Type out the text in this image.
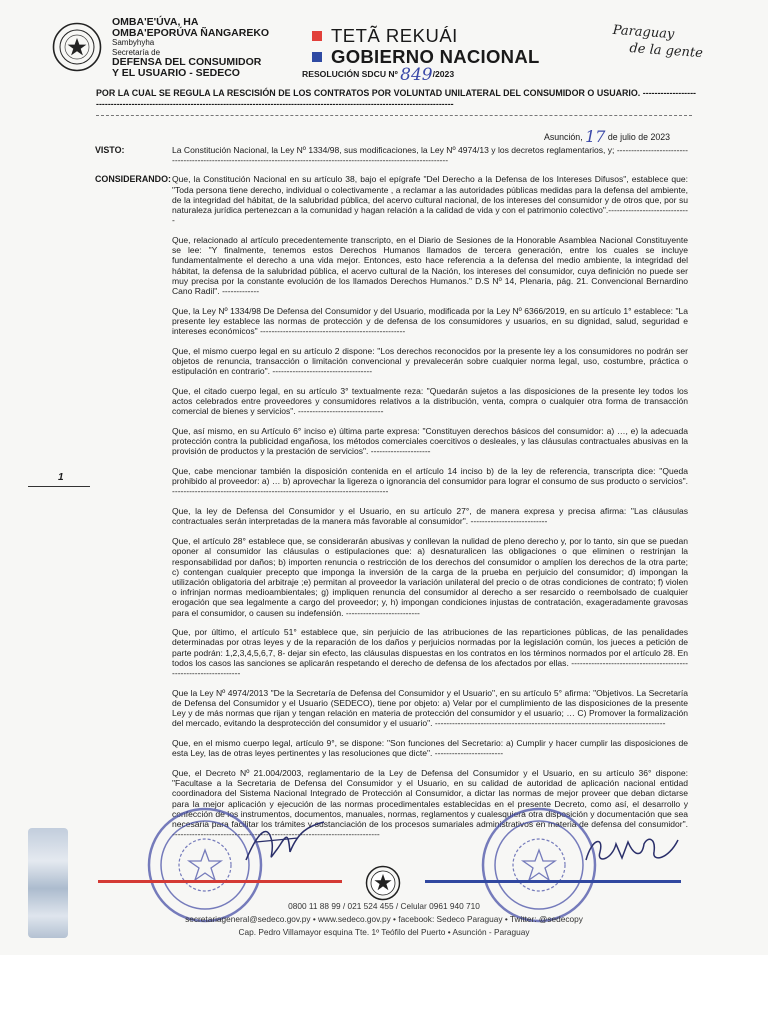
OMBA'E'ÚVA, HA
OMBA'EPORÚVA ÑANGAREKO
Sambyhyha
Secretaría de
DEFENSA DEL CONSUMIDOR
Y EL USUARIO - SEDECO
TETÃ REKUÁI
GOBIERNO NACIONAL
RESOLUCIÓN SDCU Nº 849/2023
Paraguay
de la gente
POR LA CUAL SE REGULA LA RESCISIÓN DE LOS CONTRATOS POR VOLUNTAD UNILATERAL DEL CONSUMIDOR O USUARIO. -------------------------------------------------------------------------------------------------------------------------------------------
Asunción, 17 de julio de 2023
VISTO:
CONSIDERANDO:

La Constitución Nacional, la Ley Nº 1334/98, sus modificaciones, la Ley Nº 4974/13 y los decretos reglamentarios, y; --------------------------------------------------------------------------------------------------------------------------

Que, la Constitución Nacional en su artículo 38, bajo el epígrafe "Del Derecho a la Defensa de los Intereses Difusos", establece que: "Toda persona tiene derecho, individual o colectivamente , a reclamar a las autoridades públicas medidas para la defensa del ambiente, de la integridad del hábitat, de la salubridad pública, del acervo cultural nacional, de los intereses del consumidor y de otros que, por su naturaleza jurídica pertenezcan a la comunidad y hagan relación a la calidad de vida y con el patrimonio colectivo".-----------------------------

Que, relacionado al artículo precedentemente transcripto, en el Diario de Sesiones de la Honorable Asamblea Nacional Constituyente se lee: "Y finalmente, tenemos estos Derechos Humanos llamados de tercera generación, entre los cuales se incluye fundamentalmente el derecho a una vida mejor. Entonces, esto hace referencia a la defensa del medio ambiente, la integridad del hábitat, la defensa de la salubridad pública, el acervo cultural de la Nación, los intereses del consumidor, cuya definición no puede ser muy precisa por la constante evolución de los llamados Derechos Humanos." D.S Nº 14, Plenaria, pág. 21. Convencional Bernardino Cano Radil". -------------

Que, la Ley Nº 1334/98 De Defensa del Consumidor y del Usuario, modificada por la Ley Nº 6366/2019, en su artículo 1° establece: "La presente ley establece las normas de protección y de defensa de los consumidores y usuarios, en su dignidad, salud, seguridad e intereses económicos" ---------------------------------------------------

Que, el mismo cuerpo legal en su artículo 2 dispone: "Los derechos reconocidos por la presente ley a los consumidores no podrán ser objetos de renuncia, transacción o limitación convencional y prevalecerán sobre cualquier norma legal, uso, costumbre, práctica o estipulación en contrario". -----------------------------------

Que, el citado cuerpo legal, en su artículo 3° textualmente reza: "Quedarán sujetos a las disposiciones de la presente ley todos los actos celebrados entre proveedores y consumidores relativos a la distribución, venta, compra o cualquier otra forma de transacción comercial de bienes y servicios". ------------------------------

Que, así mismo, en su Artículo 6° inciso e) última parte expresa: "Constituyen derechos básicos del consumidor: a) …, e) la adecuada protección contra la publicidad engañosa, los métodos comerciales coercitivos o desleales, y las cláusulas contractuales abusivas en la provisión de productos y la prestación de servicios". ---------------------

Que, cabe mencionar también la disposición contenida en el artículo 14 inciso b) de la ley de referencia, transcripta dice: "Queda prohibido al proveedor: a) … b) aprovechar la ligereza o ignorancia del consumidor para lograr el consumo de sus producto o servicios". ----------------------------------------------------------------------------

Que, la ley de Defensa del Consumidor y el Usuario, en su artículo 27°, de manera expresa y precisa afirma: "Las cláusulas contractuales serán interpretadas de la manera más favorable al consumidor". ---------------------------

Que, el artículo 28° establece que, se considerarán abusivas y conllevan la nulidad de pleno derecho y, por lo tanto, sin que se puedan oponer al consumidor las cláusulas o estipulaciones que: a) desnaturalicen las obligaciones o que eliminen o restrinjan la responsabilidad por daños; b) importen renuncia o restricción de los derechos del consumidor o amplíen los derechos de la otra parte; c) contengan cualquier precepto que imponga la inversión de la carga de la prueba en perjuicio del consumidor; d) impongan la utilización obligatoria del arbitraje ;e) permitan al proveedor la variación unilateral del precio o de otras condiciones de contrato; f) violen o infrinjan normas medioambientales; g) impliquen renuncia del consumidor al derecho a ser resarcido o reembolsado de cualquier erogación que sea legalmente a cargo del proveedor; y, h) impongan condiciones injustas de contratación, exageradamente gravosas para el consumidor, o causen su indefensión. --------------------------

Que, por último, el artículo 51° establece que, sin perjuicio de las atribuciones de las reparticiones públicas, de las penalidades determinadas por otras leyes y de la reparación de los daños y perjuicios normadas por la legislación común, los jueces a petición de parte podrán: 1,2,3,4,5,6,7, 8- dejar sin efecto, las cláusulas dispuestas en los contratos en los términos normados por el artículo 28. En todos los casos las sanciones se aplicarán respetando el derecho de defensa de los afectados por ellas. -----------------------------------------------------------------

Que la Ley Nº 4974/2013 "De la Secretaría de Defensa del Consumidor y el Usuario", en su artículo 5° afirma: "Objetivos. La Secretaría de Defensa del Consumidor y el Usuario (SEDECO), tiene por objeto: a) Velar por el cumplimiento de las disposiciones de la presente Ley y de más normas que rijan y tengan relación en materia de protección del consumidor y el usuario; … C) Promover la formalización del mercado, evitando la desprotección del consumidor y el usuario". ---------------------------------------------------------------------------------

Que, en el mismo cuerpo legal, artículo 9°, se dispone: "Son funciones del Secretario: a) Cumplir y hacer cumplir las disposiciones de esta Ley, las de otras leyes pertinentes y las resoluciones que dicte". ------------------------

Que, el Decreto Nº 21.004/2003, reglamentario de la Ley de Defensa del Consumidor y el Usuario, en su artículo 36° dispone: "Facultase a la Secretaria de Defensa del Consumidor y el Usuario, en su calidad de autoridad de aplicación nacional entidad coordinadora del Sistema Nacional Integrado de Protección al Consumidor, a dictar las normas de mejor proveer que deban dictarse para la mejor aplicación y ejecución de las normas procedimentales establecidas en el presente Decreto, como así, el desarrollo y confección de los instrumentos, documentos, manuales, normas, reglamentos y cualesquiera otra disposición y documentación que sea necesaria para facilitar los trámites y sustanciación de los procesos sumariales administrativos en materia de defensa del consumidor". -------------------------------------------------------------------------

1
0800 11 88 99 / 021 524 455 / Celular 0961 940 710
secretariageneral@sedeco.gov.py • www.sedeco.gov.py • facebook: Sedeco Paraguay • Twitter: @sedecopy
Cap. Pedro Villamayor esquina Tte. 1º Teófilo del Puerto • Asunción - Paraguay
